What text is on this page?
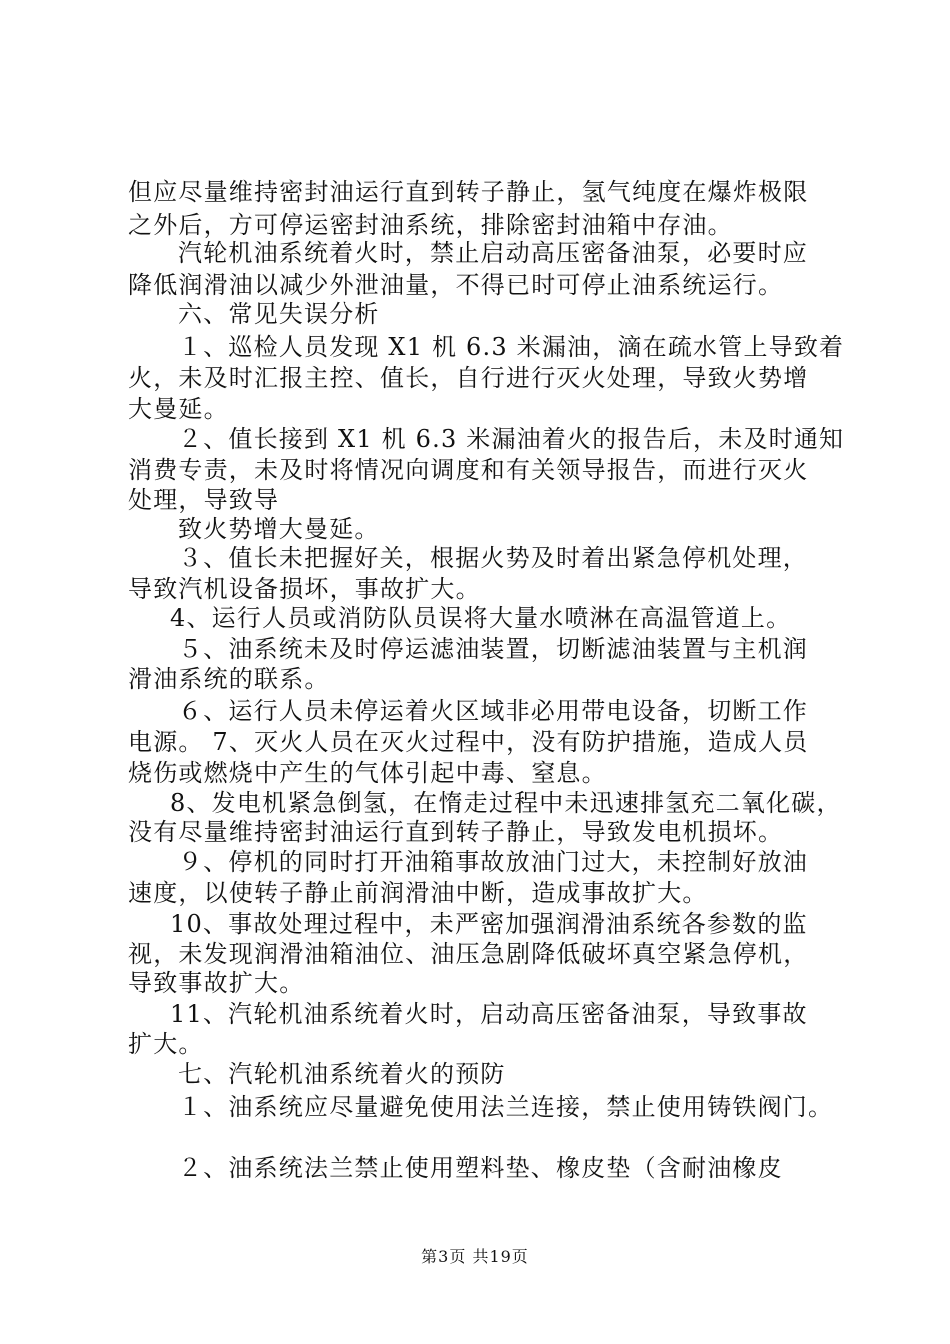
但应尽量维持密封油运行直到转子静止，氢气纯度在爆炸极限
之外后，方可停运密封油系统，排除密封油箱中存油。
汽轮机油系统着火时，禁止启动高压密备油泵，必要时应
降低润滑油以减少外泄油量，不得已时可停止油系统运行。
六、常见失误分析
１、巡检人员发现 X1 机 6.3 米漏油，滴在疏水管上导致着
火，未及时汇报主控、值长，自行进行灭火处理，导致火势增
大曼延。
２、值长接到 X1 机 6.3 米漏油着火的报告后，未及时通知
消费专责，未及时将情况向调度和有关领导报告，而进行灭火
处理，导致导
致火势增大曼延。
３、值长未把握好关，根据火势及时着出紧急停机处理，
导致汽机设备损坏，事故扩大。
4、运行人员或消防队员误将大量水喷淋在高温管道上。
５、油系统未及时停运滤油装置，切断滤油装置与主机润
滑油系统的联系。
６、运行人员未停运着火区域非必用带电设备，切断工作
电源。 7、灭火人员在灭火过程中，没有防护措施，造成人员
烧伤或燃烧中产生的气体引起中毒、窒息。
8、发电机紧急倒氢，在惰走过程中未迅速排氢充二氧化碳，
没有尽量维持密封油运行直到转子静止，导致发电机损坏。
９、停机的同时打开油箱事故放油门过大，未控制好放油
速度，以使转子静止前润滑油中断，造成事故扩大。
10、事故处理过程中，未严密加强润滑油系统各参数的监
视，未发现润滑油箱油位、油压急剧降低破坏真空紧急停机，
导致事故扩大。
11、汽轮机油系统着火时，启动高压密备油泵，导致事故
扩大。
七、汽轮机油系统着火的预防
１、油系统应尽量避免使用法兰连接，禁止使用铸铁阀门。
２、油系统法兰禁止使用塑料垫、橡皮垫（含耐油橡皮
第3页 共19页
